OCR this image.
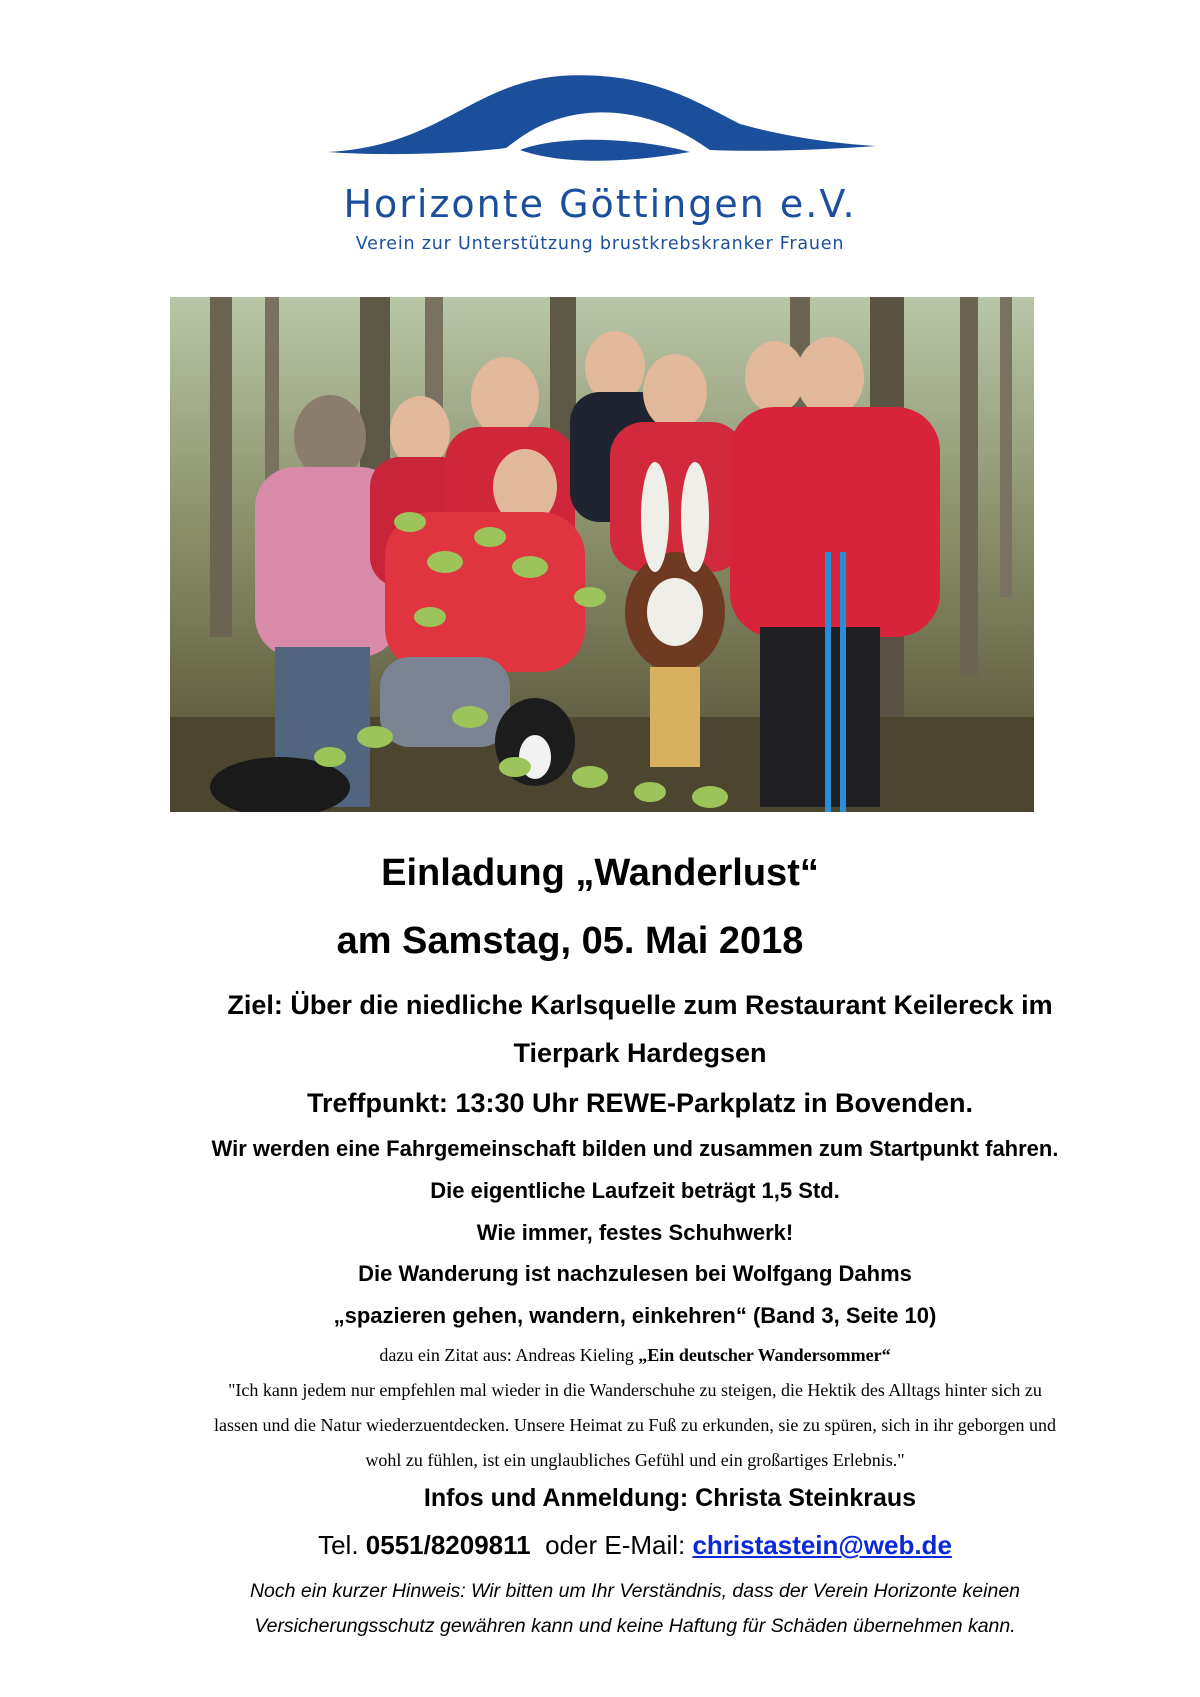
Horizonte Göttingen e.V.
Verein zur Unterstützung brustkrebskranker Frauen
Einladung „Wanderlust“
am Samstag, 05. Mai 2018
Ziel: Über die niedliche Karlsquelle zum Restaurant Keilereck im
Tierpark Hardegsen
Treffpunkt: 13:30 Uhr REWE-Parkplatz in Bovenden.
Wir werden eine Fahrgemeinschaft bilden und zusammen zum Startpunkt fahren.
Die eigentliche Laufzeit beträgt 1,5 Std.
Wie immer, festes Schuhwerk!
Die Wanderung ist nachzulesen bei Wolfgang Dahms
„spazieren gehen, wandern, einkehren“ (Band 3, Seite 10)
dazu ein Zitat aus: Andreas Kieling „Ein deutscher Wandersommer“
"Ich kann jedem nur empfehlen mal wieder in die Wanderschuhe zu steigen, die Hektik des Alltags hinter sich zu
lassen und die Natur wiederzuentdecken. Unsere Heimat zu Fuß zu erkunden, sie zu spüren, sich in ihr geborgen und
wohl zu fühlen, ist ein unglaubliches Gefühl und ein großartiges Erlebnis."
Infos und Anmeldung: Christa Steinkraus
Tel. 0551/8209811  oder E-Mail: christastein@web.de
Noch ein kurzer Hinweis: Wir bitten um Ihr Verständnis, dass der Verein Horizonte keinen
Versicherungsschutz gewähren kann und keine Haftung für Schäden übernehmen kann.
